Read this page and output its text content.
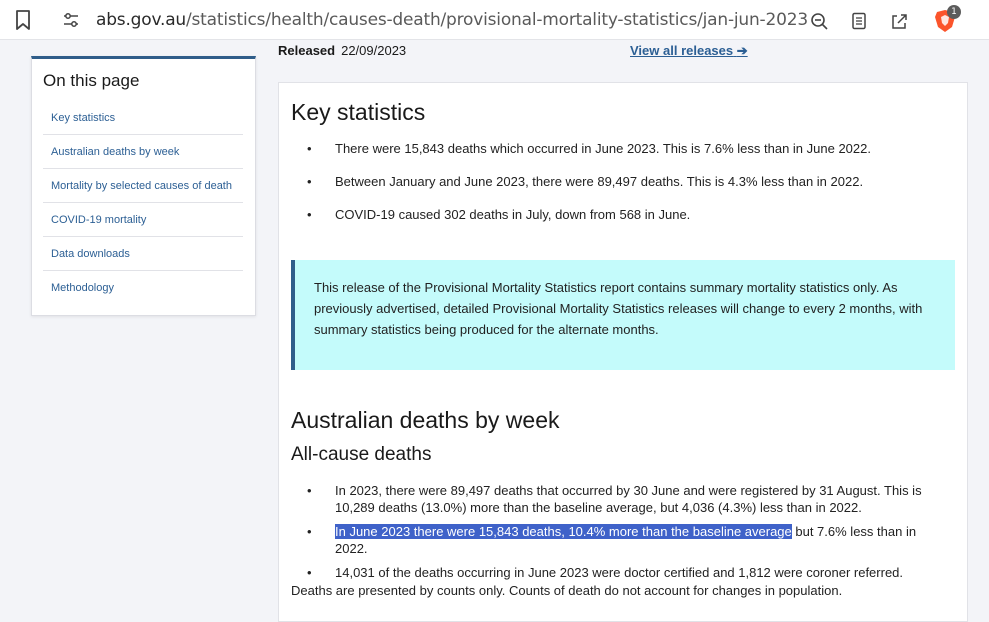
abs.gov.au/statistics/health/causes-death/provisional-mortality-statistics/jan-jun-2023	1
On this page
Key statistics
Australian deaths by week
Mortality by selected causes of death
COVID-19 mortality
Data downloads
Methodology
Released 22/09/2023	View all releases ➔
Key statistics
• There were 15,843 deaths which occurred in June 2023. This is 7.6% less than in June 2022.
• Between January and June 2023, there were 89,497 deaths. This is 4.3% less than in 2022.
• COVID-19 caused 302 deaths in July, down from 568 in June.

This release of the Provisional Mortality Statistics report contains summary mortality statistics only. As previously advertised, detailed Provisional Mortality Statistics releases will change to every 2 months, with summary statistics being produced for the alternate months.

Australian deaths by week
All-cause deaths
• In 2023, there were 89,497 deaths that occurred by 30 June and were registered by 31 August. This is 10,289 deaths (13.0%) more than the baseline average, but 4,036 (4.3%) less than in 2022.
• In June 2023 there were 15,843 deaths, 10.4% more than the baseline average but 7.6% less than in 2022.
• 14,031 of the deaths occurring in June 2023 were doctor certified and 1,812 were coroner referred.
Deaths are presented by counts only. Counts of death do not account for changes in population.
